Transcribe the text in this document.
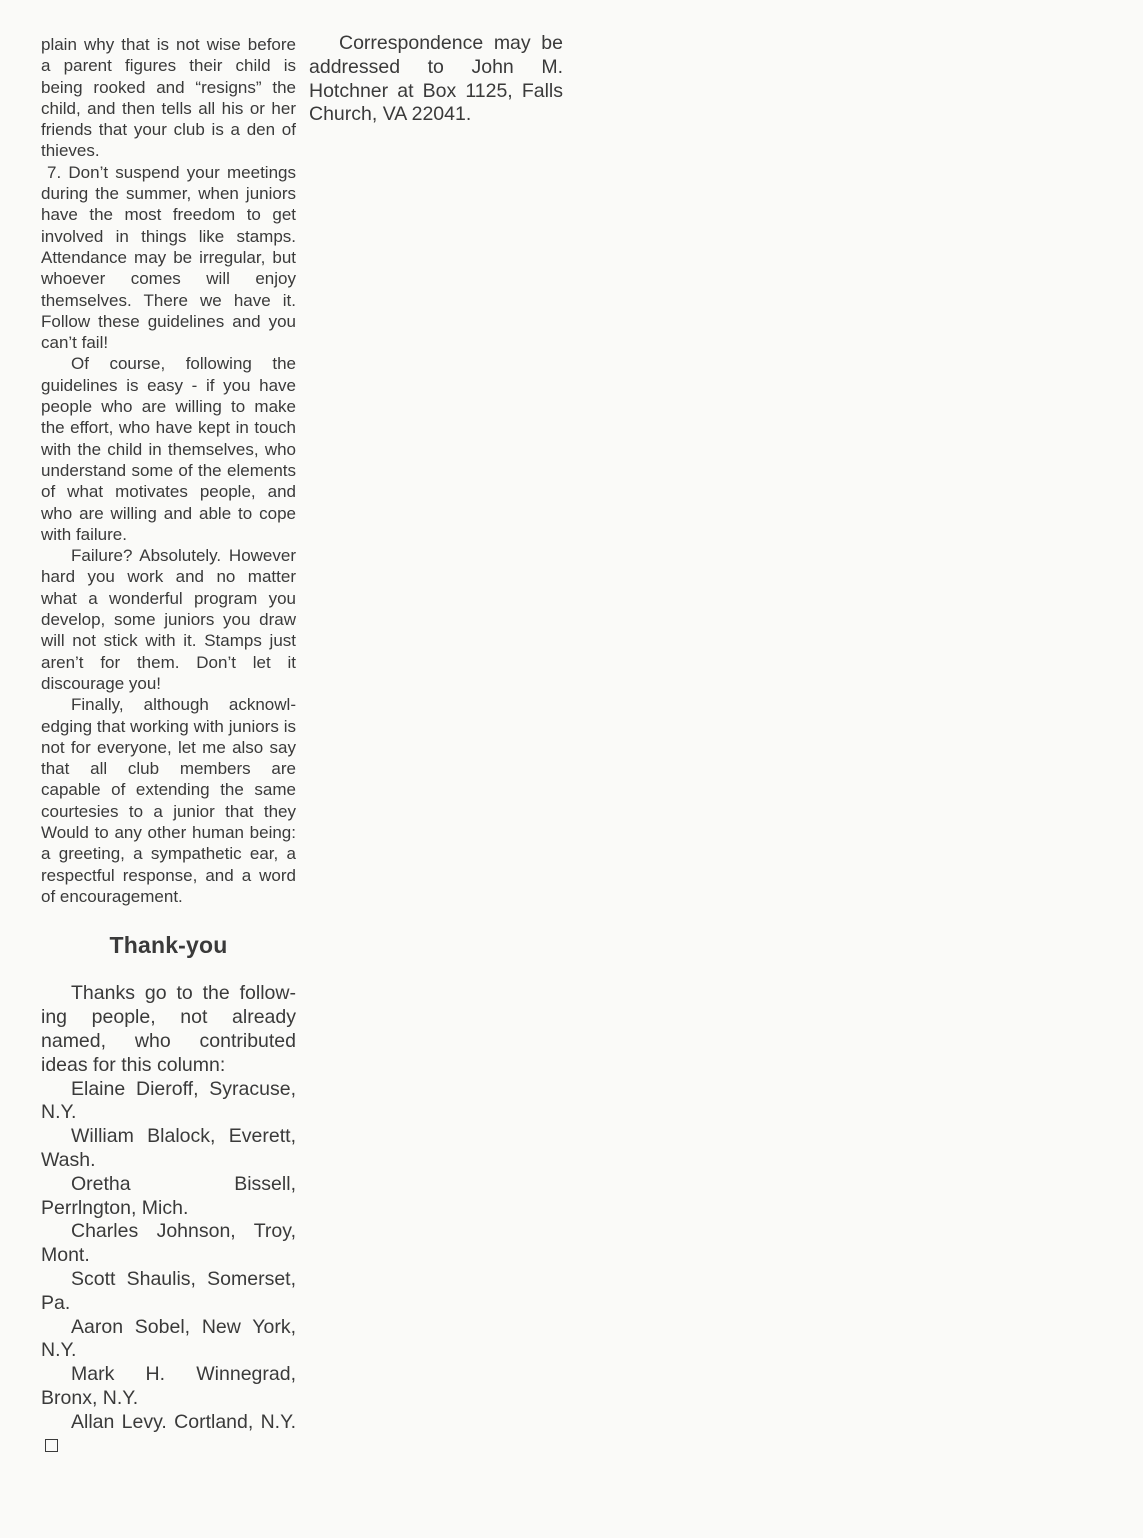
plain why that is not wise before a parent figures their child is being rooked and “resigns” the child, and then tells all his or her friends that your club is a den of thieves.

7. Don’t suspend your meetings during the summer, when juniors have the most freedom to get involved in things like stamps. Attendance may be irregular, but whoever comes will enjoy themselves. There we have it. Follow these guidelines and you can’t fail!

Of course, following the guidelines is easy - if you have people who are willing to make the effort, who have kept in touch with the child in themselves, who understand some of the elements of what motivates people, and who are willing and able to cope with failure.

Failure? Absolutely. However hard you work and no matter what a wonderful program you develop, some juniors you draw will not stick with it. Stamps just aren’t for them. Don’t let it discourage you!

Finally, although acknowledging that working with juniors is not for everyone, let me also say that all club members are capable of extending the same courtesies to a junior that they Would to any other human being: a greeting, a sympathetic ear, a respectful response, and a word of encouragement.

Thank-you

Thanks go to the following people, not already named, who contributed ideas for this column:

Elaine Dieroff, Syracuse, N.Y.

William Blalock, Everett, Wash.

Oretha Bissell, Perrlngton, Mich.

Charles Johnson, Troy, Mont.

Scott Shaulis, Somerset, Pa.

Aaron Sobel, New York, N.Y.

Mark H. Winnegrad, Bronx, N.Y.

Allan Levy. Cortland, N.Y.

Correspondence may be addressed to John M. Hotchner at Box 1125, Falls Church, VA 22041.
